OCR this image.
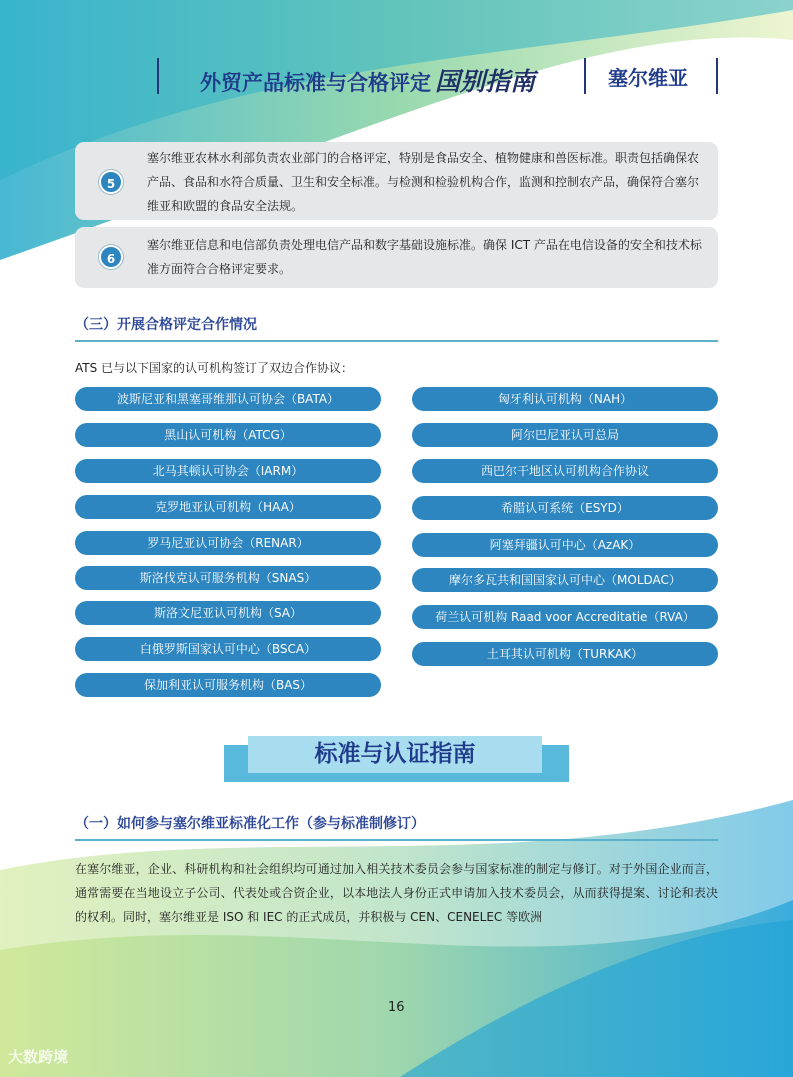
外贸产品标准与合格评定 国别指南	塞尔维亚
5
塞尔维亚农林水利部负责农业部门的合格评定，特别是食品安全、植物健康和兽医标准。职责包括确保农产品、食品和水符合质量、卫生和安全标准。与检测和检验机构合作，监测和控制农产品，确保符合塞尔维亚和欧盟的食品安全法规。
6
塞尔维亚信息和电信部负责处理电信产品和数字基础设施标准。确保 ICT 产品在电信设备的安全和技术标准方面符合合格评定要求。
（三）开展合格评定合作情况
ATS 已与以下国家的认可机构签订了双边合作协议：
波斯尼亚和黑塞哥维那认可协会（BATA）
黑山认可机构（ATCG）
北马其顿认可协会（IARM）
克罗地亚认可机构（HAA）
罗马尼亚认可协会（RENAR）
斯洛伐克认可服务机构（SNAS）
斯洛文尼亚认可机构（SA）
白俄罗斯国家认可中心（BSCA）
保加利亚认可服务机构（BAS）
匈牙利认可机构（NAH）
阿尔巴尼亚认可总局
西巴尔干地区认可机构合作协议
希腊认可系统（ESYD）
阿塞拜疆认可中心（AzAK）
摩尔多瓦共和国国家认可中心（MOLDAC）
荷兰认可机构 Raad voor Accreditatie（RVA）
土耳其认可机构（TURKAK）
标准与认证指南
（一）如何参与塞尔维亚标准化工作（参与标准制修订）
在塞尔维亚，企业、科研机构和社会组织均可通过加入相关技术委员会参与国家标准的制定与修订。对于外国企业而言，通常需要在当地设立子公司、代表处或合资企业，以本地法人身份正式申请加入技术委员会，从而获得提案、讨论和表决的权利。同时，塞尔维亚是 ISO 和 IEC 的正式成员，并积极与 CEN、CENELEC 等欧洲
16
大数跨境
